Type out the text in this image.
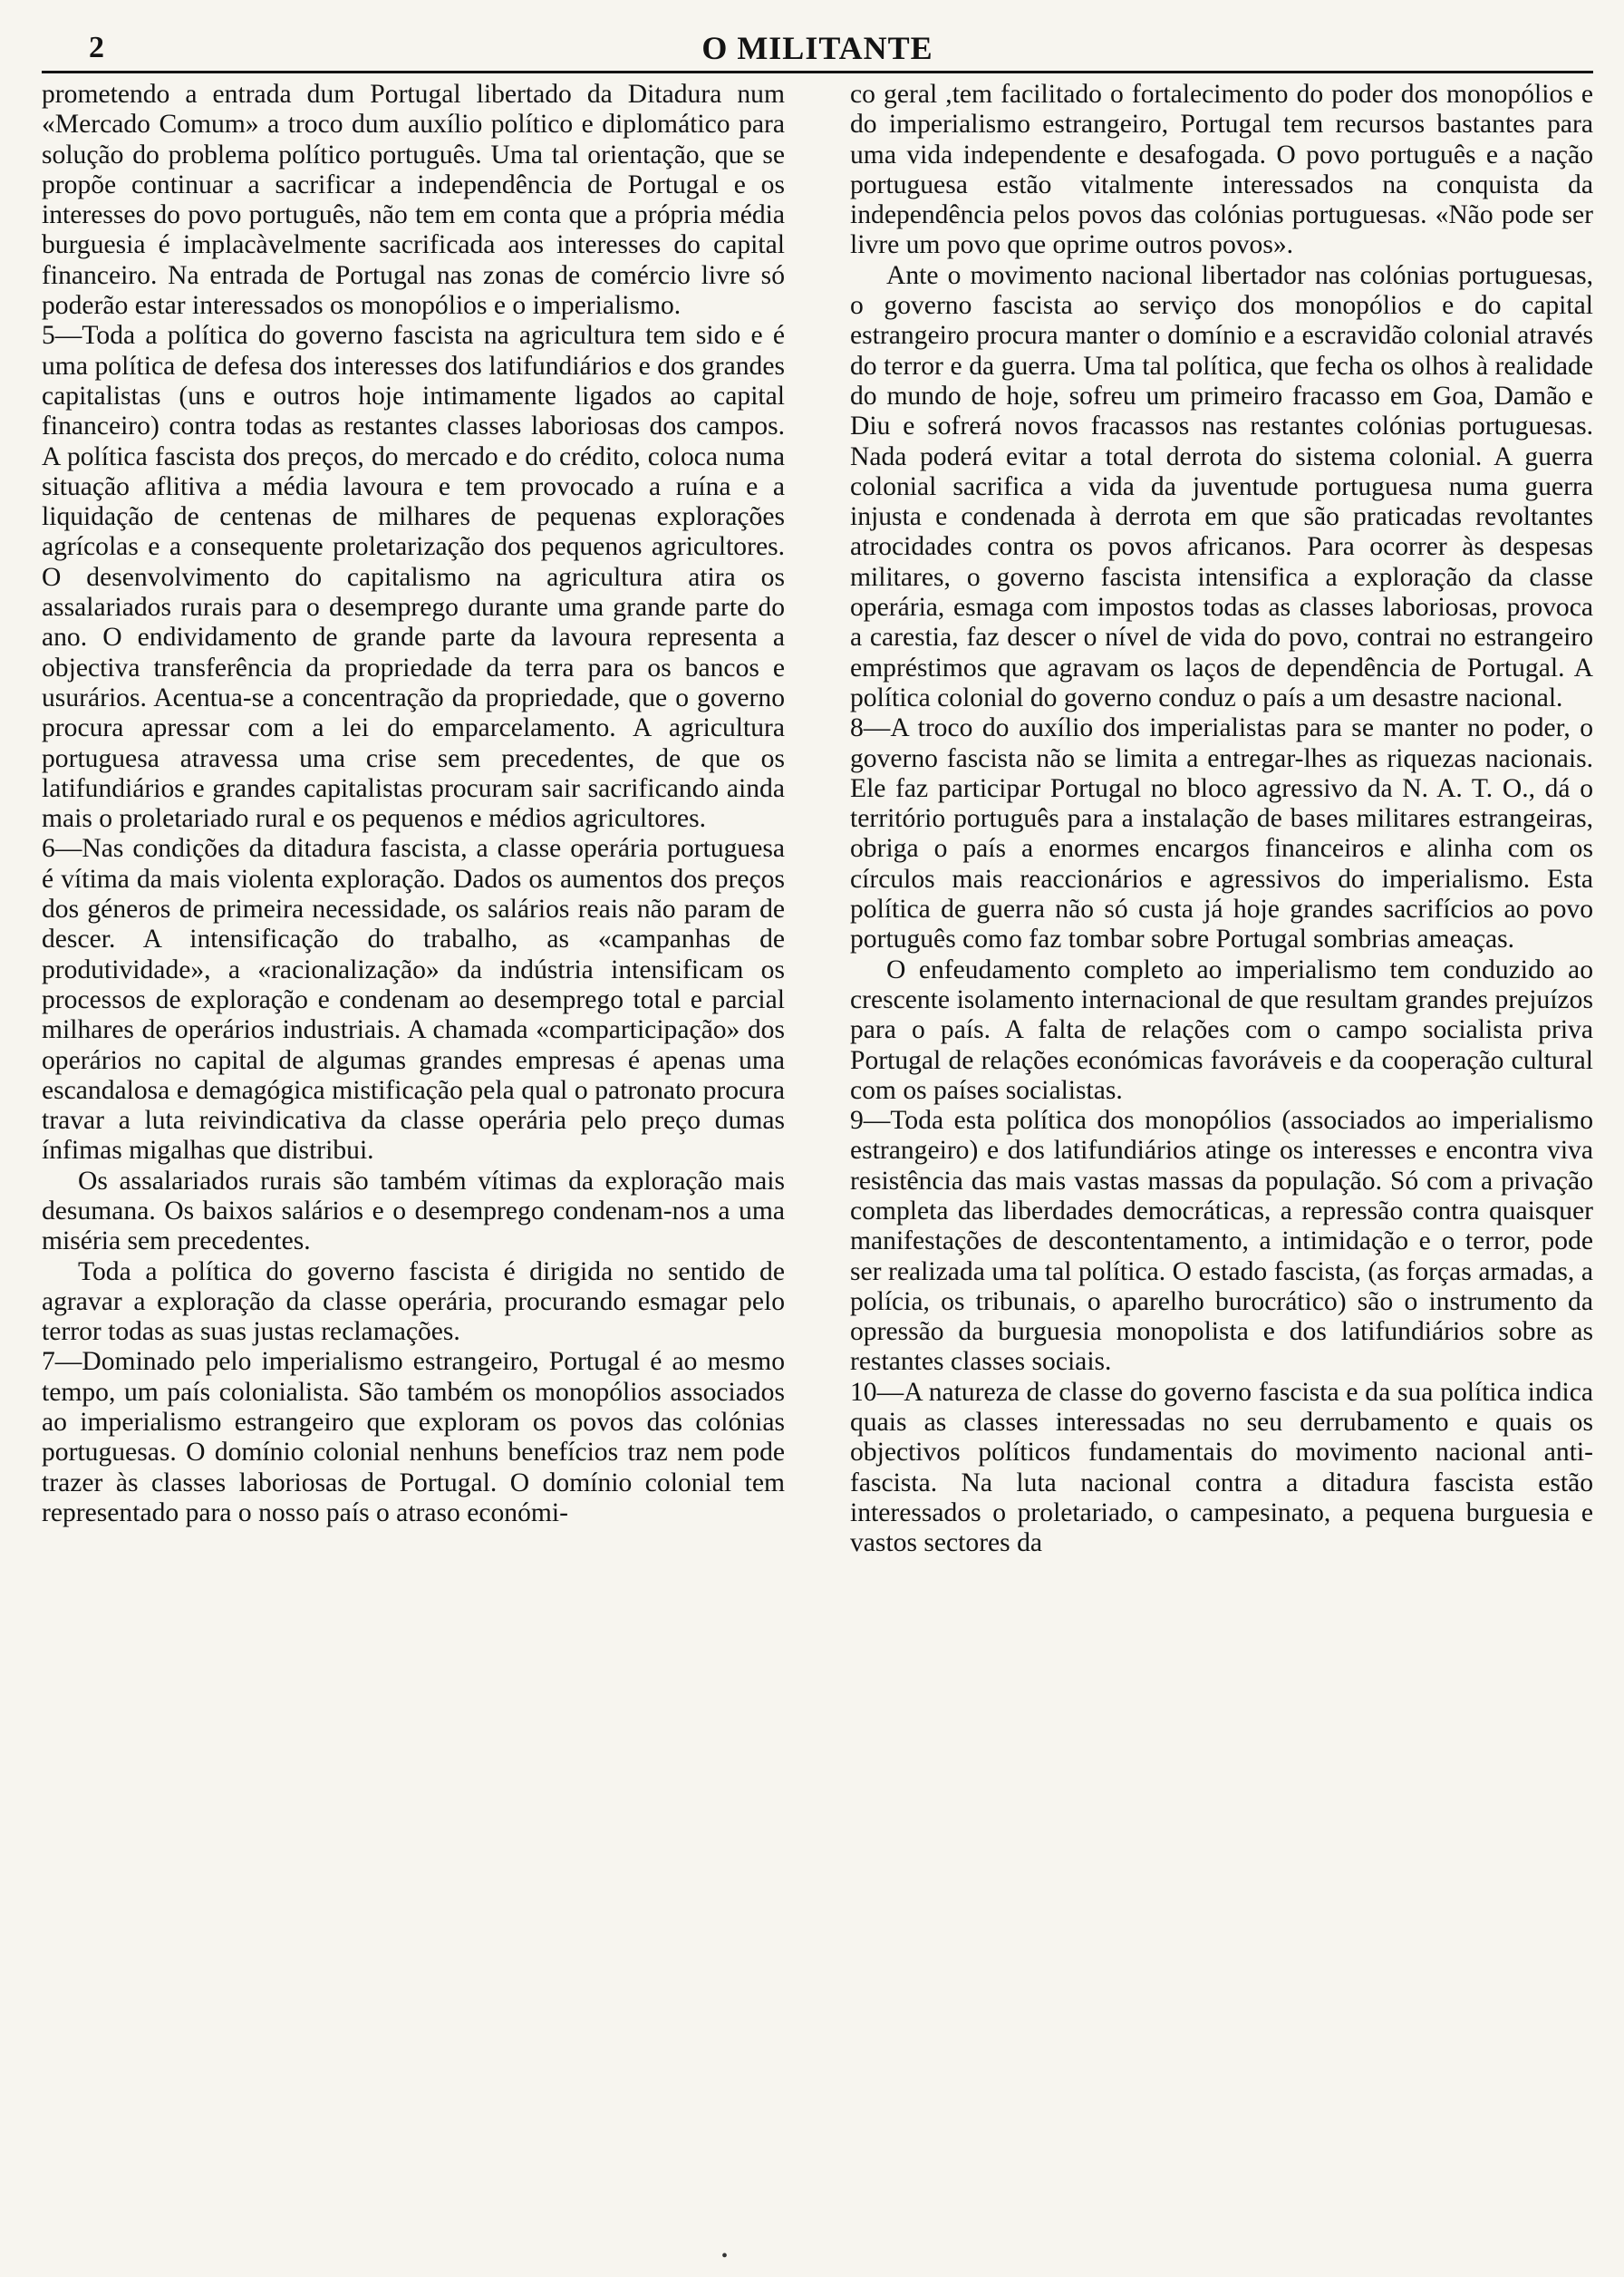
2	O MILITANTE

prometendo a entrada dum Portugal libertado da Ditadura num «Mercado Comum» a troco dum auxílio político e diplomático para solução do problema político português. Uma tal orientação, que se propõe continuar a sacrificar a independência de Portugal e os interesses do povo português, não tem em conta que a própria média burguesia é implacàvelmente sacrificada aos interesses do capital financeiro. Na entrada de Portugal nas zonas de comércio livre só poderão estar interessados os monopólios e o imperialismo.

5—Toda a política do governo fascista na agricultura tem sido e é uma política de defesa dos interesses dos latifundiários e dos grandes capitalistas (uns e outros hoje intimamente ligados ao capital financeiro) contra todas as restantes classes laboriosas dos campos. A política fascista dos preços, do mercado e do crédito, coloca numa situação aflitiva a média lavoura e tem provocado a ruína e a liquidação de centenas de milhares de pequenas explorações agrícolas e a consequente proletarização dos pequenos agricultores. O desenvolvimento do capitalismo na agricultura atira os assalariados rurais para o desemprego durante uma grande parte do ano. O endividamento de grande parte da lavoura representa a objectiva transferência da propriedade da terra para os bancos e usurários. Acentua-se a concentração da propriedade, que o governo procura apressar com a lei do emparcelamento. A agricultura portuguesa atravessa uma crise sem precedentes, de que os latifundiários e grandes capitalistas procuram sair sacrificando ainda mais o proletariado rural e os pequenos e médios agricultores.

6—Nas condições da ditadura fascista, a classe operária portuguesa é vítima da mais violenta exploração. Dados os aumentos dos preços dos géneros de primeira necessidade, os salários reais não param de descer. A intensificação do trabalho, as «campanhas de produtividade», a «racionalização» da indústria intensificam os processos de exploração e condenam ao desemprego total e parcial milhares de operários industriais. A chamada «comparticipação» dos operários no capital de algumas grandes empresas é apenas uma escandalosa e demagógica mistificação pela qual o patronato procura travar a luta reivindicativa da classe operária pelo preço dumas ínfimas migalhas que distribui.

Os assalariados rurais são também vítimas da exploração mais desumana. Os baixos salários e o desemprego condenam-nos a uma miséria sem precedentes.

Toda a política do governo fascista é dirigida no sentido de agravar a exploração da classe operária, procurando esmagar pelo terror todas as suas justas reclamações.

7—Dominado pelo imperialismo estrangeiro, Portugal é ao mesmo tempo, um país colonialista. São também os monopólios associados ao imperialismo estrangeiro que exploram os povos das colónias portuguesas. O domínio colonial nenhuns benefícios traz nem pode trazer às classes laboriosas de Portugal. O domínio colonial tem representado para o nosso país o atraso económi-

co geral ,tem facilitado o fortalecimento do poder dos monopólios e do imperialismo estrangeiro, Portugal tem recursos bastantes para uma vida independente e desafogada. O povo português e a nação portuguesa estão vitalmente interessados na conquista da independência pelos povos das colónias portuguesas. «Não pode ser livre um povo que oprime outros povos».

Ante o movimento nacional libertador nas colónias portuguesas, o governo fascista ao serviço dos monopólios e do capital estrangeiro procura manter o domínio e a escravidão colonial através do terror e da guerra. Uma tal política, que fecha os olhos à realidade do mundo de hoje, sofreu um primeiro fracasso em Goa, Damão e Diu e sofrerá novos fracassos nas restantes colónias portuguesas. Nada poderá evitar a total derrota do sistema colonial. A guerra colonial sacrifica a vida da juventude portuguesa numa guerra injusta e condenada à derrota em que são praticadas revoltantes atrocidades contra os povos africanos. Para ocorrer às despesas militares, o governo fascista intensifica a exploração da classe operária, esmaga com impostos todas as classes laboriosas, provoca a carestia, faz descer o nível de vida do povo, contrai no estrangeiro empréstimos que agravam os laços de dependência de Portugal. A política colonial do governo conduz o país a um desastre nacional.

8—A troco do auxílio dos imperialistas para se manter no poder, o governo fascista não se limita a entregar-lhes as riquezas nacionais. Ele faz participar Portugal no bloco agressivo da N. A. T. O., dá o território português para a instalação de bases militares estrangeiras, obriga o país a enormes encargos financeiros e alinha com os círculos mais reaccionários e agressivos do imperialismo. Esta política de guerra não só custa já hoje grandes sacrifícios ao povo português como faz tombar sobre Portugal sombrias ameaças.

O enfeudamento completo ao imperialismo tem conduzido ao crescente isolamento internacional de que resultam grandes prejuízos para o país. A falta de relações com o campo socialista priva Portugal de relações económicas favoráveis e da cooperação cultural com os países socialistas.

9—Toda esta política dos monopólios (associados ao imperialismo estrangeiro) e dos latifundiários atinge os interesses e encontra viva resistência das mais vastas massas da população. Só com a privação completa das liberdades democráticas, a repressão contra quaisquer manifestações de descontentamento, a intimidação e o terror, pode ser realizada uma tal política. O estado fascista, (as forças armadas, a polícia, os tribunais, o aparelho burocrático) são o instrumento da opressão da burguesia monopolista e dos latifundiários sobre as restantes classes sociais.

10—A natureza de classe do governo fascista e da sua política indica quais as classes interessadas no seu derrubamento e quais os objectivos políticos fundamentais do movimento nacional anti-fascista. Na luta nacional contra a ditadura fascista estão interessados o proletariado, o campesinato, a pequena burguesia e vastos sectores da

•
